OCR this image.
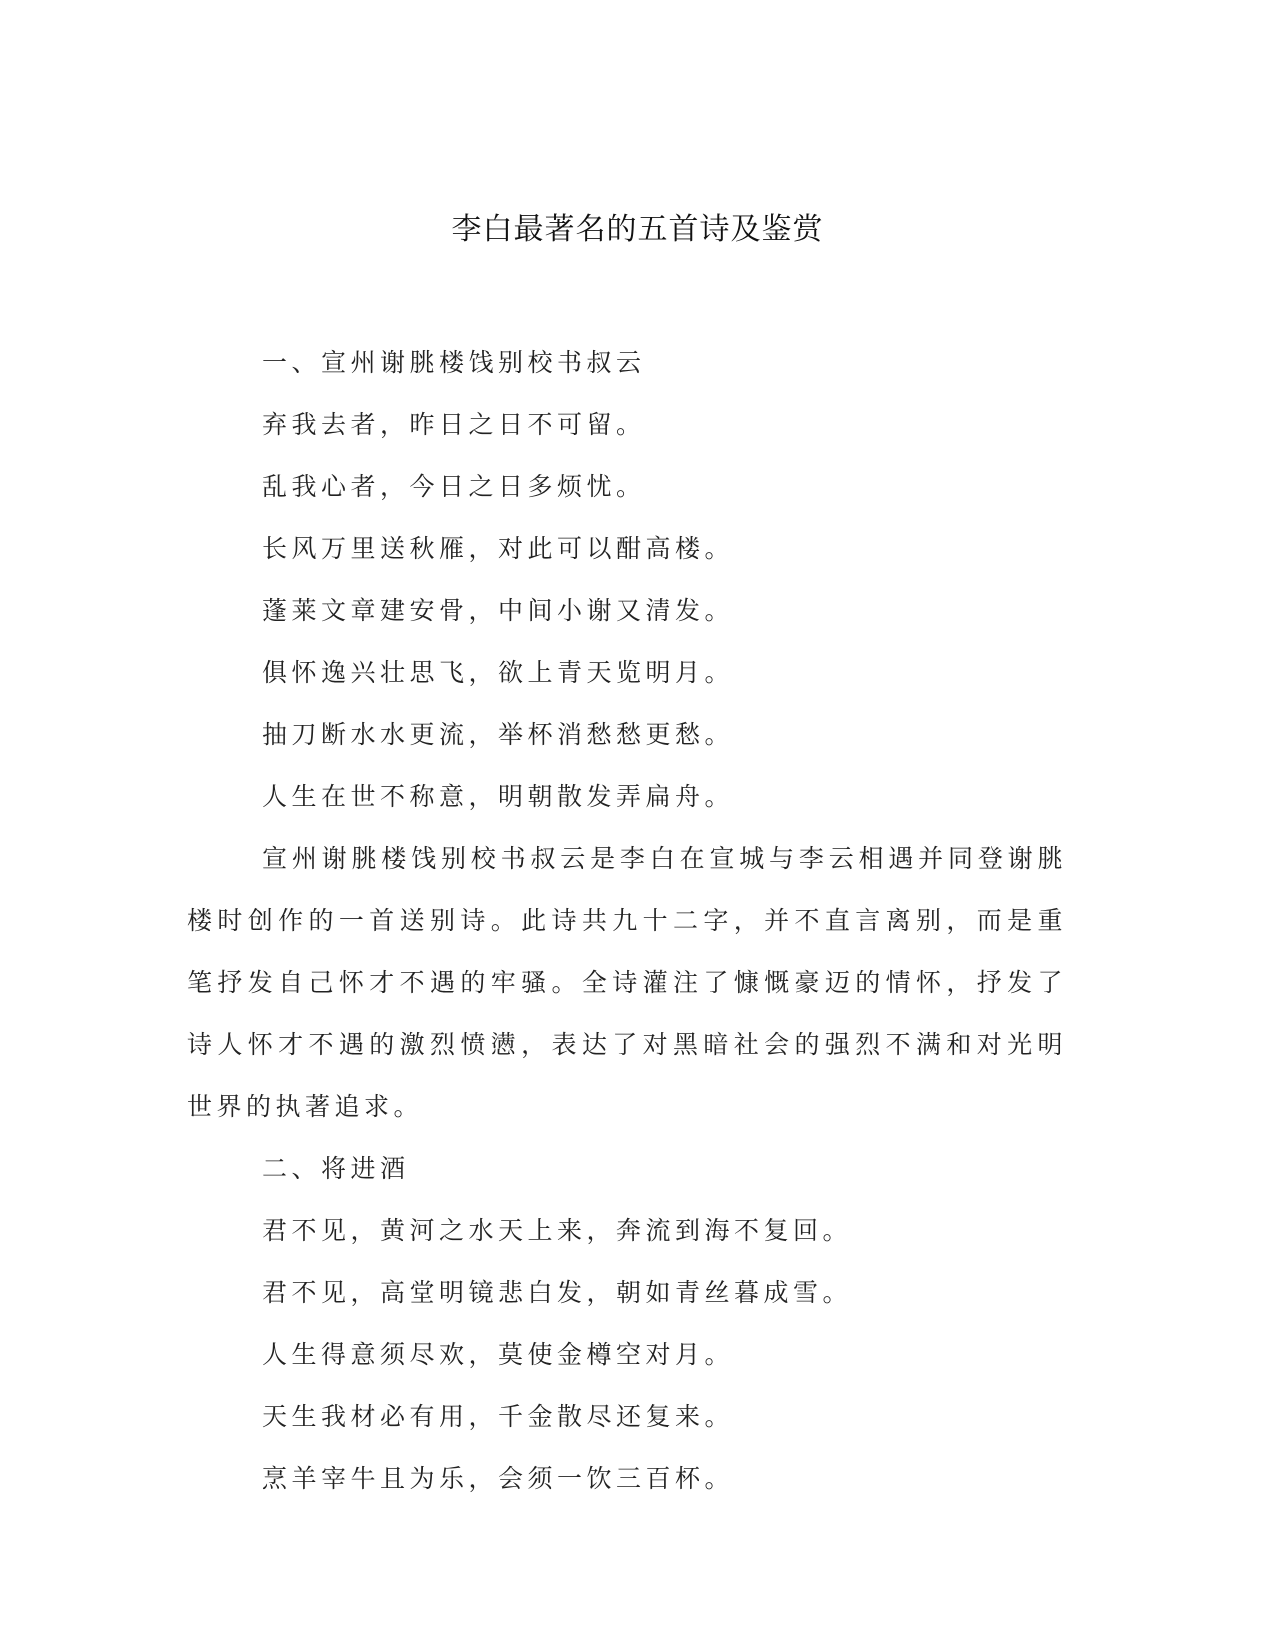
李白最著名的五首诗及鉴赏
一、宣州谢朓楼饯别校书叔云
弃我去者，昨日之日不可留。
乱我心者，今日之日多烦忧。
长风万里送秋雁，对此可以酣高楼。
蓬莱文章建安骨，中间小谢又清发。
俱怀逸兴壮思飞，欲上青天览明月。
抽刀断水水更流，举杯消愁愁更愁。
人生在世不称意，明朝散发弄扁舟。

宣州谢朓楼饯别校书叔云是李白在宣城与李云相遇并同登谢朓楼时创作的一首送别诗。此诗共九十二字，并不直言离别，而是重笔抒发自己怀才不遇的牢骚。全诗灌注了慷慨豪迈的情怀，抒发了诗人怀才不遇的激烈愤懑，表达了对黑暗社会的强烈不满和对光明世界的执著追求。

二、将进酒
君不见，黄河之水天上来，奔流到海不复回。
君不见，高堂明镜悲白发，朝如青丝暮成雪。
人生得意须尽欢，莫使金樽空对月。
天生我材必有用，千金散尽还复来。
烹羊宰牛且为乐，会须一饮三百杯。
